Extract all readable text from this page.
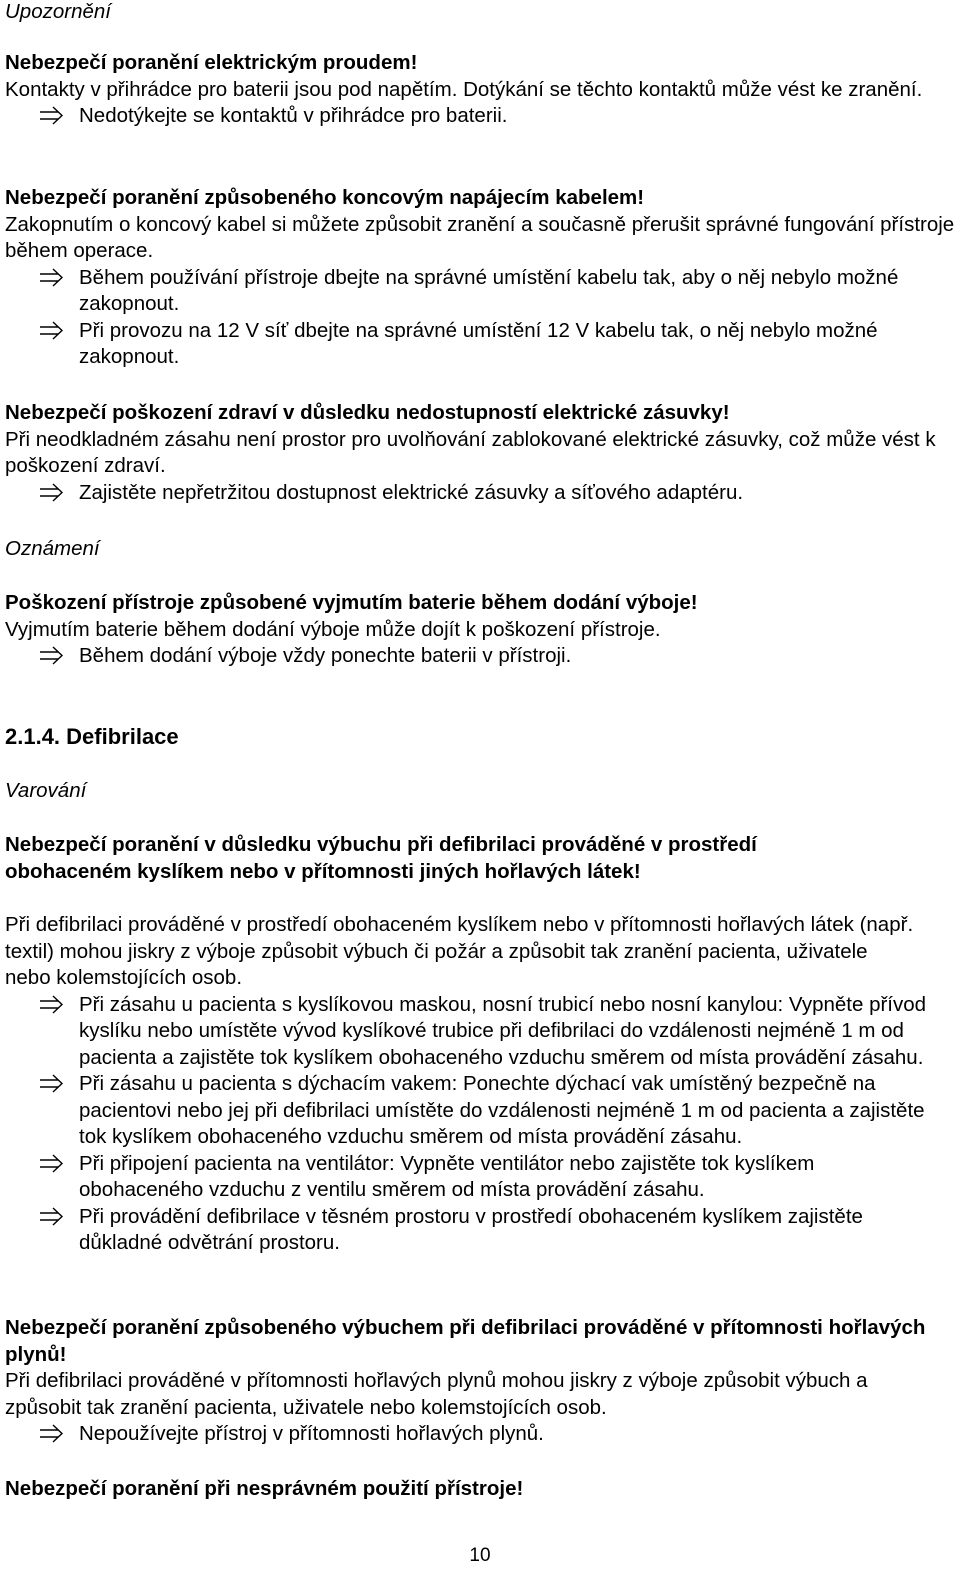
Upozornění
Nebezpečí poranění elektrickým proudem!
Kontakty v přihrádce pro baterii jsou pod napětím. Dotýkání se těchto kontaktů může vést ke zranění.
Nedotýkejte se kontaktů v přihrádce pro baterii.
Nebezpečí poranění způsobeného koncovým napájecím kabelem!
Zakopnutím o koncový kabel si můžete způsobit zranění a současně přerušit správné fungování přístroje během operace.
Během používání přístroje dbejte na správné umístění kabelu tak, aby o něj nebylo možné zakopnout.
Při provozu na 12 V síť dbejte na správné umístění 12 V kabelu tak, o něj nebylo možné zakopnout.
Nebezpečí poškození zdraví v důsledku nedostupností elektrické zásuvky!
Při neodkladném zásahu není prostor pro uvolňování zablokované elektrické zásuvky, což může vést k poškození zdraví.
Zajistěte nepřetržitou dostupnost elektrické zásuvky a síťového adaptéru.
Oznámení
Poškození přístroje způsobené vyjmutím baterie během dodání výboje!
Vyjmutím baterie během dodání výboje může dojít k poškození přístroje.
Během dodání výboje vždy ponechte baterii v přístroji.
2.1.4. Defibrilace
Varování
Nebezpečí poranění v důsledku výbuchu při defibrilaci prováděné v prostředí obohaceném kyslíkem nebo v přítomnosti jiných hořlavých látek!
Při defibrilaci prováděné v prostředí obohaceném kyslíkem nebo v přítomnosti hořlavých látek (např. textil) mohou jiskry z výboje způsobit výbuch či požár a způsobit tak zranění pacienta, uživatele nebo kolemstojících osob.
Při zásahu u pacienta s kyslíkovou maskou, nosní trubicí nebo nosní kanylou: Vypněte přívod kyslíku nebo umístěte vývod kyslíkové trubice při defibrilaci do vzdálenosti nejméně 1 m od pacienta a zajistěte tok kyslíkem obohaceného vzduchu směrem od místa provádění zásahu.
Při zásahu u pacienta s dýchacím vakem: Ponechte dýchací vak umístěný bezpečně na pacientovi nebo jej při defibrilaci umístěte do vzdálenosti nejméně 1 m od pacienta a zajistěte tok kyslíkem obohaceného vzduchu směrem od místa provádění zásahu.
Při připojení pacienta na ventilátor: Vypněte ventilátor nebo zajistěte tok kyslíkem obohaceného vzduchu z ventilu směrem od místa provádění zásahu.
Při provádění defibrilace v těsném prostoru v prostředí obohaceném kyslíkem zajistěte důkladné odvětrání prostoru.
Nebezpečí poranění způsobeného výbuchem při defibrilaci prováděné v přítomnosti hořlavých plynů!
Při defibrilaci prováděné v přítomnosti hořlavých plynů mohou jiskry z výboje způsobit výbuch a způsobit tak zranění pacienta, uživatele nebo kolemstojících osob.
Nepoužívejte přístroj v přítomnosti hořlavých plynů.
Nebezpečí poranění při nesprávném použití přístroje!
10
